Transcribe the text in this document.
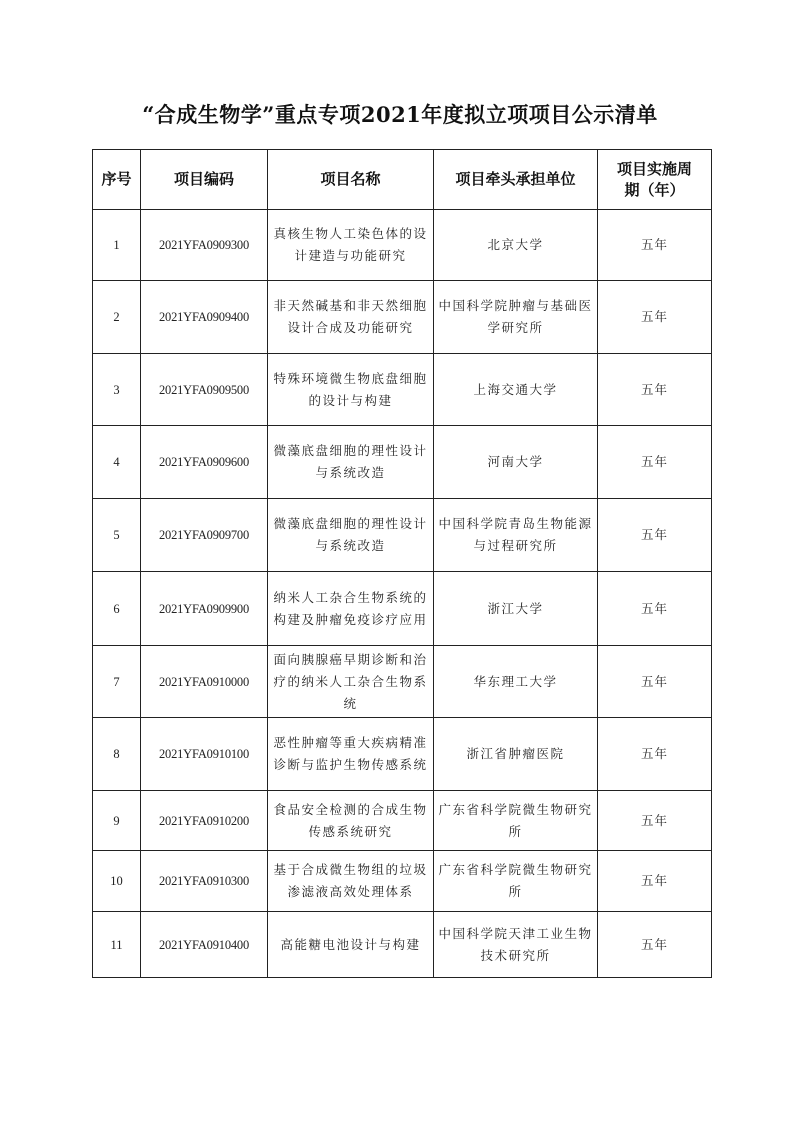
“合成生物学”重点专项2021年度拟立项项目公示清单
序号	项目编码	项目名称	项目牵头承担单位	项目实施周期（年）
1	2021YFA0909300	真核生物人工染色体的设计建造与功能研究	北京大学	五年
2	2021YFA0909400	非天然碱基和非天然细胞设计合成及功能研究	中国科学院肿瘤与基础医学研究所	五年
3	2021YFA0909500	特殊环境微生物底盘细胞的设计与构建	上海交通大学	五年
4	2021YFA0909600	微藻底盘细胞的理性设计与系统改造	河南大学	五年
5	2021YFA0909700	微藻底盘细胞的理性设计与系统改造	中国科学院青岛生物能源与过程研究所	五年
6	2021YFA0909900	纳米人工杂合生物系统的构建及肿瘤免疫诊疗应用	浙江大学	五年
7	2021YFA0910000	面向胰腺癌早期诊断和治疗的纳米人工杂合生物系统	华东理工大学	五年
8	2021YFA0910100	恶性肿瘤等重大疾病精准诊断与监护生物传感系统	浙江省肿瘤医院	五年
9	2021YFA0910200	食品安全检测的合成生物传感系统研究	广东省科学院微生物研究所	五年
10	2021YFA0910300	基于合成微生物组的垃圾渗滤液高效处理体系	广东省科学院微生物研究所	五年
11	2021YFA0910400	高能糖电池设计与构建	中国科学院天津工业生物技术研究所	五年
